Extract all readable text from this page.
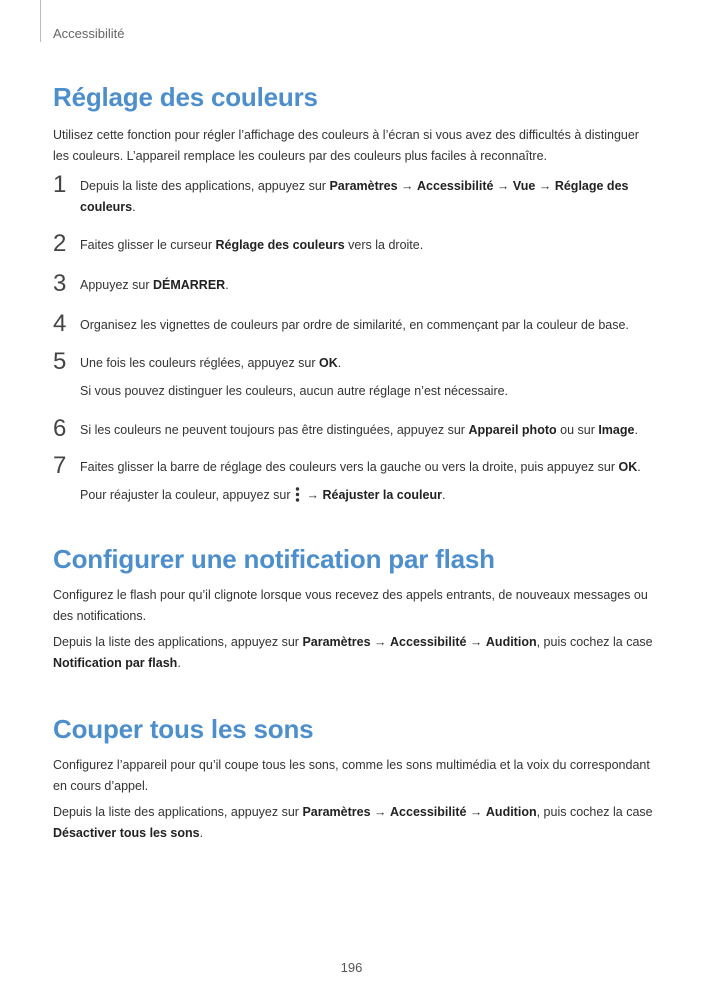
Accessibilité
Réglage des couleurs

Utilisez cette fonction pour régler l’affichage des couleurs à l’écran si vous avez des difficultés à distinguer les couleurs. L’appareil remplace les couleurs par des couleurs plus faciles à reconnaître.

1 Depuis la liste des applications, appuyez sur Paramètres → Accessibilité → Vue → Réglage des couleurs.

2 Faites glisser le curseur Réglage des couleurs vers la droite.

3 Appuyez sur DÉMARRER.

4 Organisez les vignettes de couleurs par ordre de similarité, en commençant par la couleur de base.

5 Une fois les couleurs réglées, appuyez sur OK.

Si vous pouvez distinguer les couleurs, aucun autre réglage n’est nécessaire.

6 Si les couleurs ne peuvent toujours pas être distinguées, appuyez sur Appareil photo ou sur Image.

7 Faites glisser la barre de réglage des couleurs vers la gauche ou vers la droite, puis appuyez sur OK.

Pour réajuster la couleur, appuyez sur  → Réajuster la couleur.

Configurer une notification par flash

Configurez le flash pour qu’il clignote lorsque vous recevez des appels entrants, de nouveaux messages ou des notifications.

Depuis la liste des applications, appuyez sur Paramètres → Accessibilité → Audition, puis cochez la case Notification par flash.

Couper tous les sons

Configurez l’appareil pour qu’il coupe tous les sons, comme les sons multimédia et la voix du correspondant en cours d’appel.

Depuis la liste des applications, appuyez sur Paramètres → Accessibilité → Audition, puis cochez la case Désactiver tous les sons.

196
